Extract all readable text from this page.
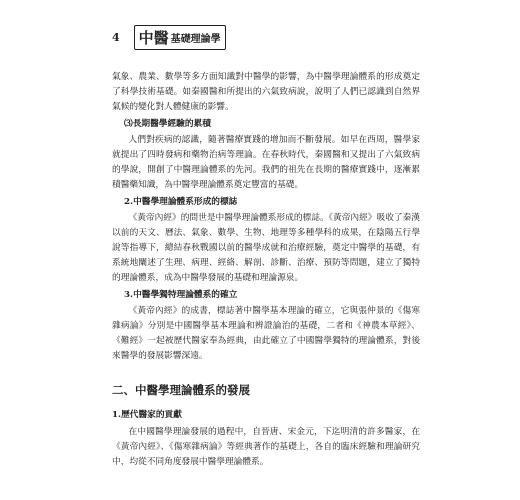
4 中醫 基礎理論學

氣象、農業、數學等多方面知識對中醫學的影響，為中醫學理論體系的形成奠定了科學技術基礎。如秦國醫和所提出的六氣致病說，說明了人們已認識到自然界氣候的變化對人體健康的影響。

⑶長期醫學經驗的累積

人們對疾病的認識，隨著醫療實踐的增加而不斷發展。如早在西周，醫學家就提出了四時發病和藥物治病等理論。在春秋時代，秦國醫和又提出了六氣致病的學說，開創了中醫理論體系的先河。我們的祖先在長期的醫療實踐中，逐漸累積醫藥知識，為中醫學理論體系奠定豐富的基礎。

2.中醫學理論體系形成的標誌

《黃帝內經》的問世是中醫學理論體系形成的標誌。《黃帝內經》吸收了秦漢以前的天文、曆法、氣象、數學、生物、地理等多種學科的成果，在陰陽五行學說等指導下，總結春秋戰國以前的醫學成就和治療經驗，奠定中醫學的基礎，有系統地闡述了生理、病理、經絡、解剖、診斷、治療、預防等問題，建立了獨特的理論體系，成為中醫學發展的基礎和理論源泉。

3.中醫學獨特理論體系的確立

《黃帝內經》的成書，標誌著中醫學基本理論的確立，它與張仲景的《傷寒雜病論》分別是中國醫學基本理論和辨證論治的基礎，二者和《神農本草經》、《難經》一起被歷代醫家奉為經典，由此確立了中國醫學獨特的理論體系，對後來醫學的發展影響深遠。

二、中醫學理論體系的發展
1.歷代醫家的貢獻

在中國醫學理論發展的過程中，自晉唐、宋金元，下迄明清的許多醫家，在《黃帝內經》、《傷寒雜病論》等經典著作的基礎上，各自的臨床經驗和理論研究中，均從不同角度發展中醫學理論體系。
